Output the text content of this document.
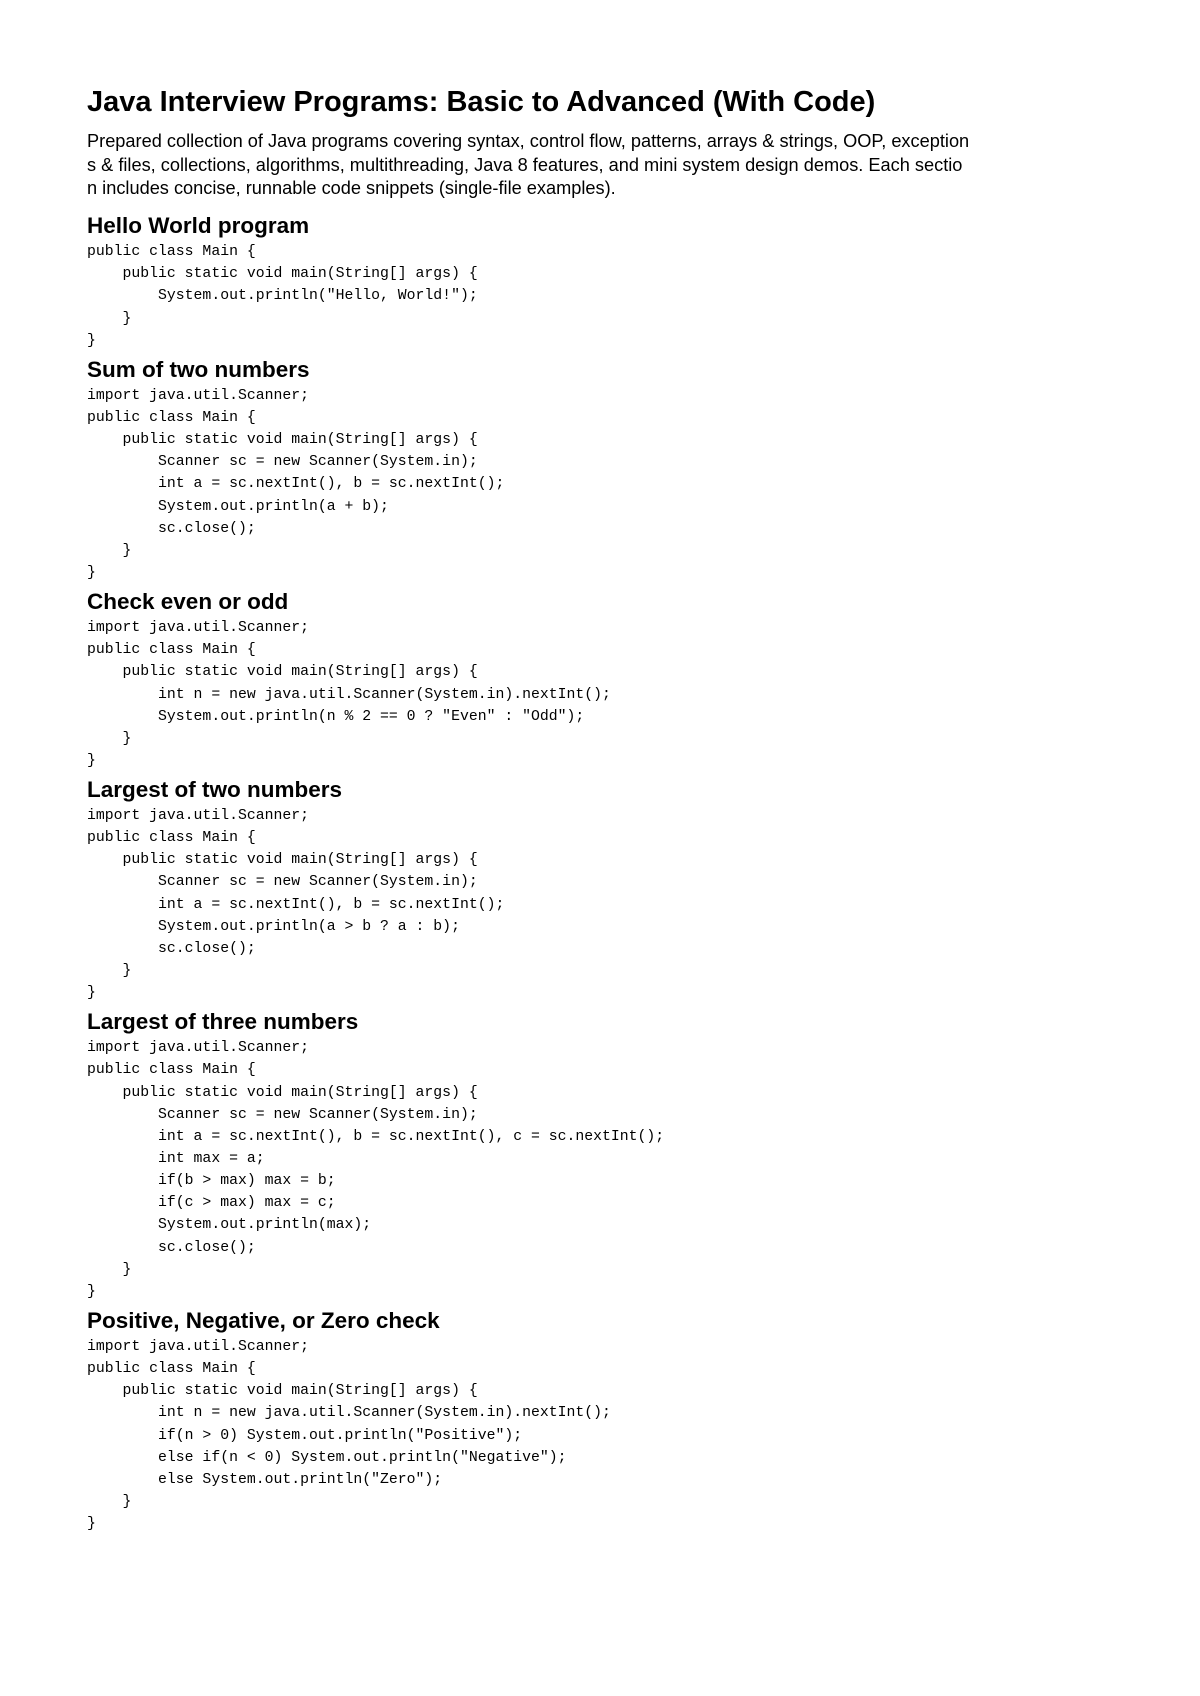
Java Interview Programs: Basic to Advanced (With Code)

Prepared collection of Java programs covering syntax, control flow, patterns, arrays & strings, OOP, exception
s & files, collections, algorithms, multithreading, Java 8 features, and mini system design demos. Each sectio
n includes concise, runnable code snippets (single-file examples).

Hello World program
public class Main {
public static void main(String[] args) {
System.out.println("Hello, World!");
}
}
Sum of two numbers
import java.util.Scanner;
public class Main {
public static void main(String[] args) {
Scanner sc = new Scanner(System.in);
int a = sc.nextInt(), b = sc.nextInt();
System.out.println(a + b);
sc.close();
}
}
Check even or odd
import java.util.Scanner;
public class Main {
public static void main(String[] args) {
int n = new java.util.Scanner(System.in).nextInt();
System.out.println(n % 2 == 0 ? "Even" : "Odd");
}
}
Largest of two numbers
import java.util.Scanner;
public class Main {
public static void main(String[] args) {
Scanner sc = new Scanner(System.in);
int a = sc.nextInt(), b = sc.nextInt();
System.out.println(a > b ? a : b);
sc.close();
}
}
Largest of three numbers
import java.util.Scanner;
public class Main {
public static void main(String[] args) {
Scanner sc = new Scanner(System.in);
int a = sc.nextInt(), b = sc.nextInt(), c = sc.nextInt();
int max = a;
if(b > max) max = b;
if(c > max) max = c;
System.out.println(max);
sc.close();
}
}
Positive, Negative, or Zero check
import java.util.Scanner;
public class Main {
public static void main(String[] args) {
int n = new java.util.Scanner(System.in).nextInt();
if(n > 0) System.out.println("Positive");
else if(n < 0) System.out.println("Negative");
else System.out.println("Zero");
}
}
